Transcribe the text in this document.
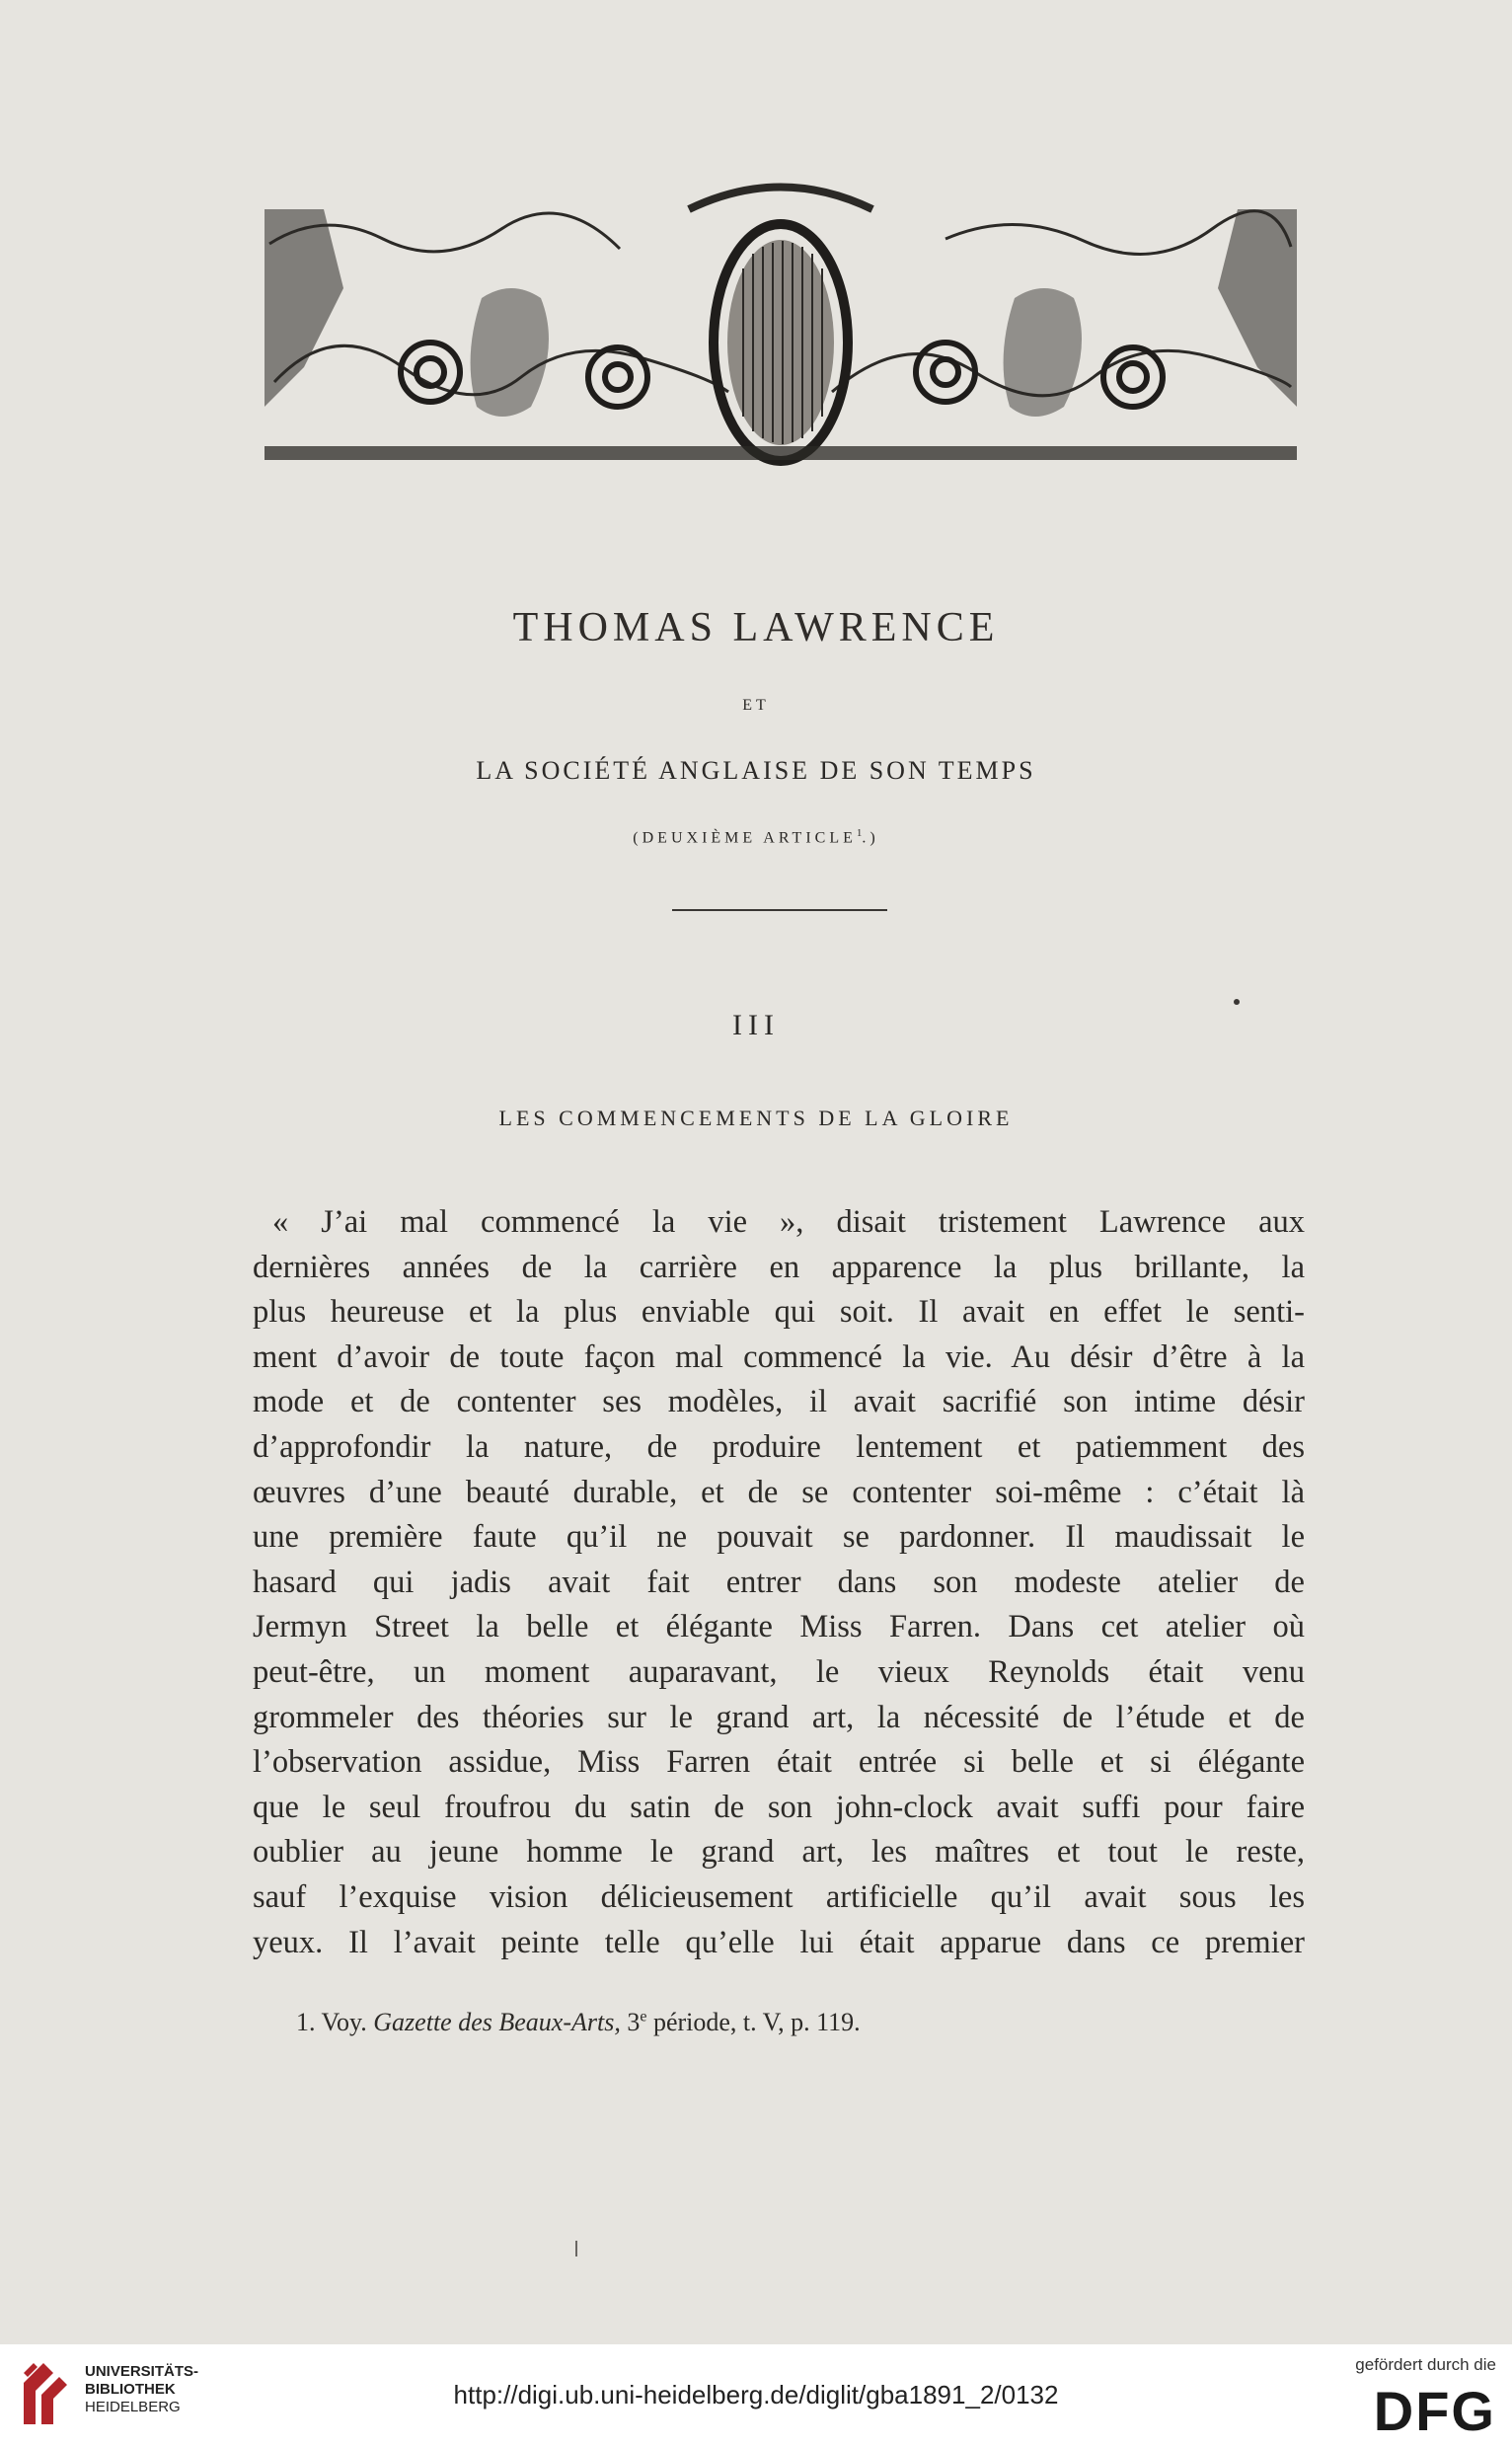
THOMAS LAWRENCE
ET
LA SOCIÉTÉ ANGLAISE DE SON TEMPS
(DEUXIÈME ARTICLE$^1$.)
III
LES COMMENCEMENTS DE LA GLOIRE
« J’ai mal commencé la vie », disait tristement Lawrence aux
dernières années de la carrière en apparence la plus brillante, la
plus heureuse et la plus enviable qui soit. Il avait en effet le senti-
ment d’avoir de toute façon mal commencé la vie. Au désir d’être à la
mode et de contenter ses modèles, il avait sacrifié son intime désir
d’approfondir la nature, de produire lentement et patiemment des
œuvres d’une beauté durable, et de se contenter soi-même : c’était là
une première faute qu’il ne pouvait se pardonner. Il maudissait le
hasard qui jadis avait fait entrer dans son modeste atelier de
Jermyn Street la belle et élégante Miss Farren. Dans cet atelier où
peut-être, un moment auparavant, le vieux Reynolds était venu
grommeler des théories sur le grand art, la nécessité de l’étude et de
l’observation assidue, Miss Farren était entrée si belle et si élégante
que le seul froufrou du satin de son john-clock avait suffi pour faire
oublier au jeune homme le grand art, les maîtres et tout le reste,
sauf l’exquise vision délicieusement artificielle qu’il avait sous les
yeux. Il l’avait peinte telle qu’elle lui était apparue dans ce premier
1. Voy. Gazette des Beaux-Arts, 3e période, t. V, p. 119.
UNIVERSITÄTS-
BIBLIOTHEK
HEIDELBERG	http://digi.ub.uni-heidelberg.de/diglit/gba1891_2/0132
gefördert durch die
DFG
